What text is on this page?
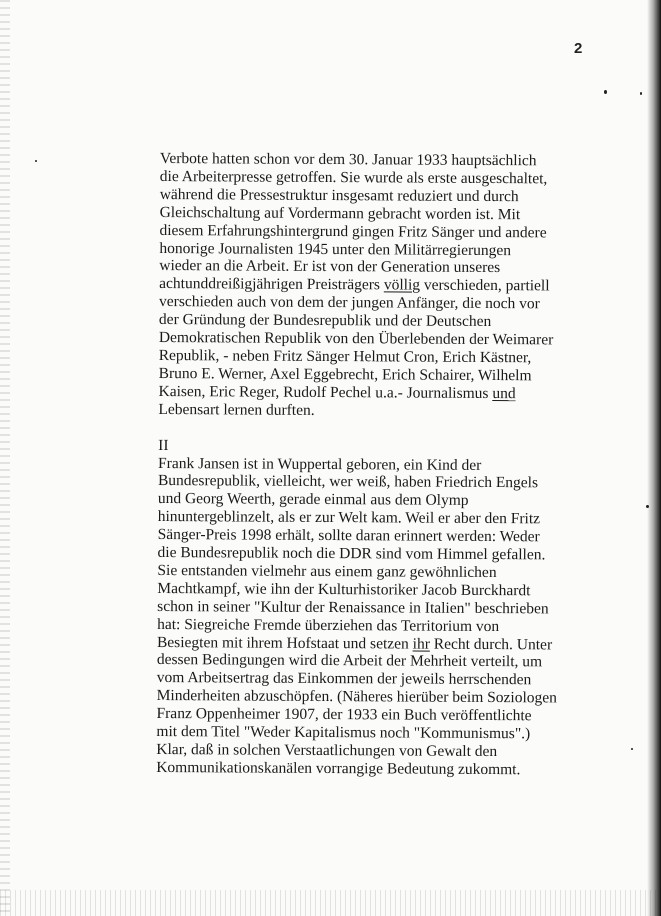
2
Verbote hatten schon vor dem 30. Januar 1933 hauptsächlich
die Arbeiterpresse getroffen. Sie wurde als erste ausgeschaltet,
während die Pressestruktur insgesamt reduziert und durch
Gleichschaltung auf Vordermann gebracht worden ist. Mit
diesem Erfahrungshintergrund gingen Fritz Sänger und andere
honorige Journalisten 1945 unter den Militärregierungen
wieder an die Arbeit. Er ist von der Generation unseres
achtunddreißigjährigen Preisträgers völlig verschieden, partiell
verschieden auch von dem der jungen Anfänger, die noch vor
der Gründung der Bundesrepublik und der Deutschen
Demokratischen Republik von den Überlebenden der Weimarer
Republik, - neben Fritz Sänger Helmut Cron, Erich Kästner,
Bruno E. Werner, Axel Eggebrecht, Erich Schairer, Wilhelm
Kaisen, Eric Reger, Rudolf Pechel u.a.- Journalismus und
Lebensart lernen durften.
II
Frank Jansen ist in Wuppertal geboren, ein Kind der
Bundesrepublik, vielleicht, wer weiß, haben Friedrich Engels
und Georg Weerth, gerade einmal aus dem Olymp
hinuntergeblinzelt, als er zur Welt kam. Weil er aber den Fritz
Sänger-Preis 1998 erhält, sollte daran erinnert werden: Weder
die Bundesrepublik noch die DDR sind vom Himmel gefallen.
Sie entstanden vielmehr aus einem ganz gewöhnlichen
Machtkampf, wie ihn der Kulturhistoriker Jacob Burckhardt
schon in seiner "Kultur der Renaissance in Italien" beschrieben
hat: Siegreiche Fremde überziehen das Territorium von
Besiegten mit ihrem Hofstaat und setzen ihr Recht durch. Unter
dessen Bedingungen wird die Arbeit der Mehrheit verteilt, um
vom Arbeitsertrag das Einkommen der jeweils herrschenden
Minderheiten abzuschöpfen. (Näheres hierüber beim Soziologen
Franz Oppenheimer 1907, der 1933 ein Buch veröffentlichte
mit dem Titel "Weder Kapitalismus noch "Kommunismus".)
Klar, daß in solchen Verstaatlichungen von Gewalt den
Kommunikationskanälen vorrangige Bedeutung zukommt.
